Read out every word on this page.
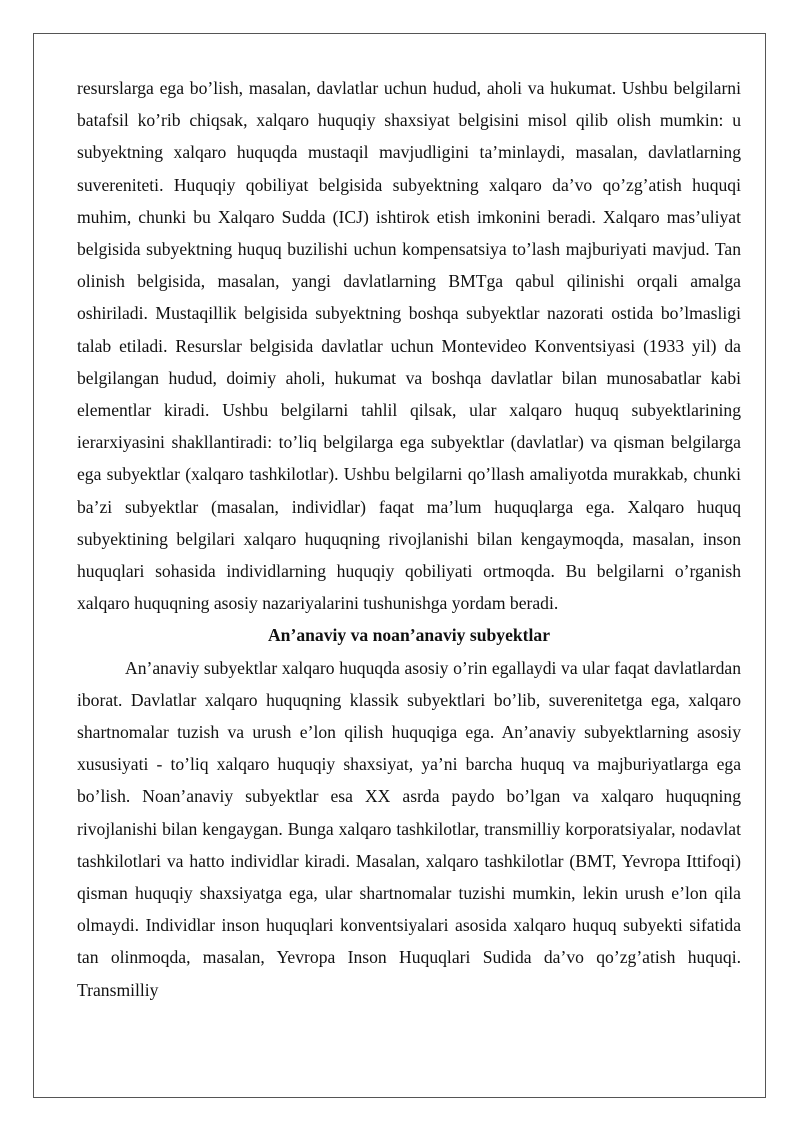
resurslarga ega bo’lish, masalan, davlatlar uchun hudud, aholi va hukumat. Ushbu belgilarni batafsil ko’rib chiqsak, xalqaro huquqiy shaxsiyat belgisini misol qilib olish mumkin: u subyektning xalqaro huquqda mustaqil mavjudligini ta’minlaydi, masalan, davlatlarning suvereniteti. Huquqiy qobiliyat belgisida subyektning xalqaro da’vo qo’zg’atish huquqi muhim, chunki bu Xalqaro Sudda (ICJ) ishtirok etish imkonini beradi. Xalqaro mas’uliyat belgisida subyektning huquq buzilishi uchun kompensatsiya to’lash majburiyati mavjud. Tan olinish belgisida, masalan, yangi davlatlarning BMTga qabul qilinishi orqali amalga oshiriladi. Mustaqillik belgisida subyektning boshqa subyektlar nazorati ostida bo’lmasligi talab etiladi. Resurslar belgisida davlatlar uchun Montevideo Konventsiyasi (1933 yil) da belgilangan hudud, doimiy aholi, hukumat va boshqa davlatlar bilan munosabatlar kabi elementlar kiradi. Ushbu belgilarni tahlil qilsak, ular xalqaro huquq subyektlarining ierarxiyasini shakllantiradi: to’liq belgilarga ega subyektlar (davlatlar) va qisman belgilarga ega subyektlar (xalqaro tashkilotlar). Ushbu belgilarni qo’llash amaliyotda murakkab, chunki ba’zi subyektlar (masalan, individlar) faqat ma’lum huquqlarga ega. Xalqaro huquq subyektining belgilari xalqaro huquqning rivojlanishi bilan kengaymoqda, masalan, inson huquqlari sohasida individlarning huquqiy qobiliyati ortmoqda. Bu belgilarni o’rganish xalqaro huquqning asosiy nazariyalarini tushunishga yordam beradi.

An’anaviy va noan’anaviy subyektlar

An’anaviy subyektlar xalqaro huquqda asosiy o’rin egallaydi va ular faqat davlatlardan iborat. Davlatlar xalqaro huquqning klassik subyektlari bo’lib, suverenitetga ega, xalqaro shartnomalar tuzish va urush e’lon qilish huquqiga ega. An’anaviy subyektlarning asosiy xususiyati - to’liq xalqaro huquqiy shaxsiyat, ya’ni barcha huquq va majburiyatlarga ega bo’lish. Noan’anaviy subyektlar esa XX asrda paydo bo’lgan va xalqaro huquqning rivojlanishi bilan kengaygan. Bunga xalqaro tashkilotlar, transmilliy korporatsiyalar, nodavlat tashkilotlari va hatto individlar kiradi. Masalan, xalqaro tashkilotlar (BMT, Yevropa Ittifoqi) qisman huquqiy shaxsiyatga ega, ular shartnomalar tuzishi mumkin, lekin urush e’lon qila olmaydi. Individlar inson huquqlari konventsiyalari asosida xalqaro huquq subyekti sifatida tan olinmoqda, masalan, Yevropa Inson Huquqlari Sudida da’vo qo’zg’atish huquqi. Transmilliy
